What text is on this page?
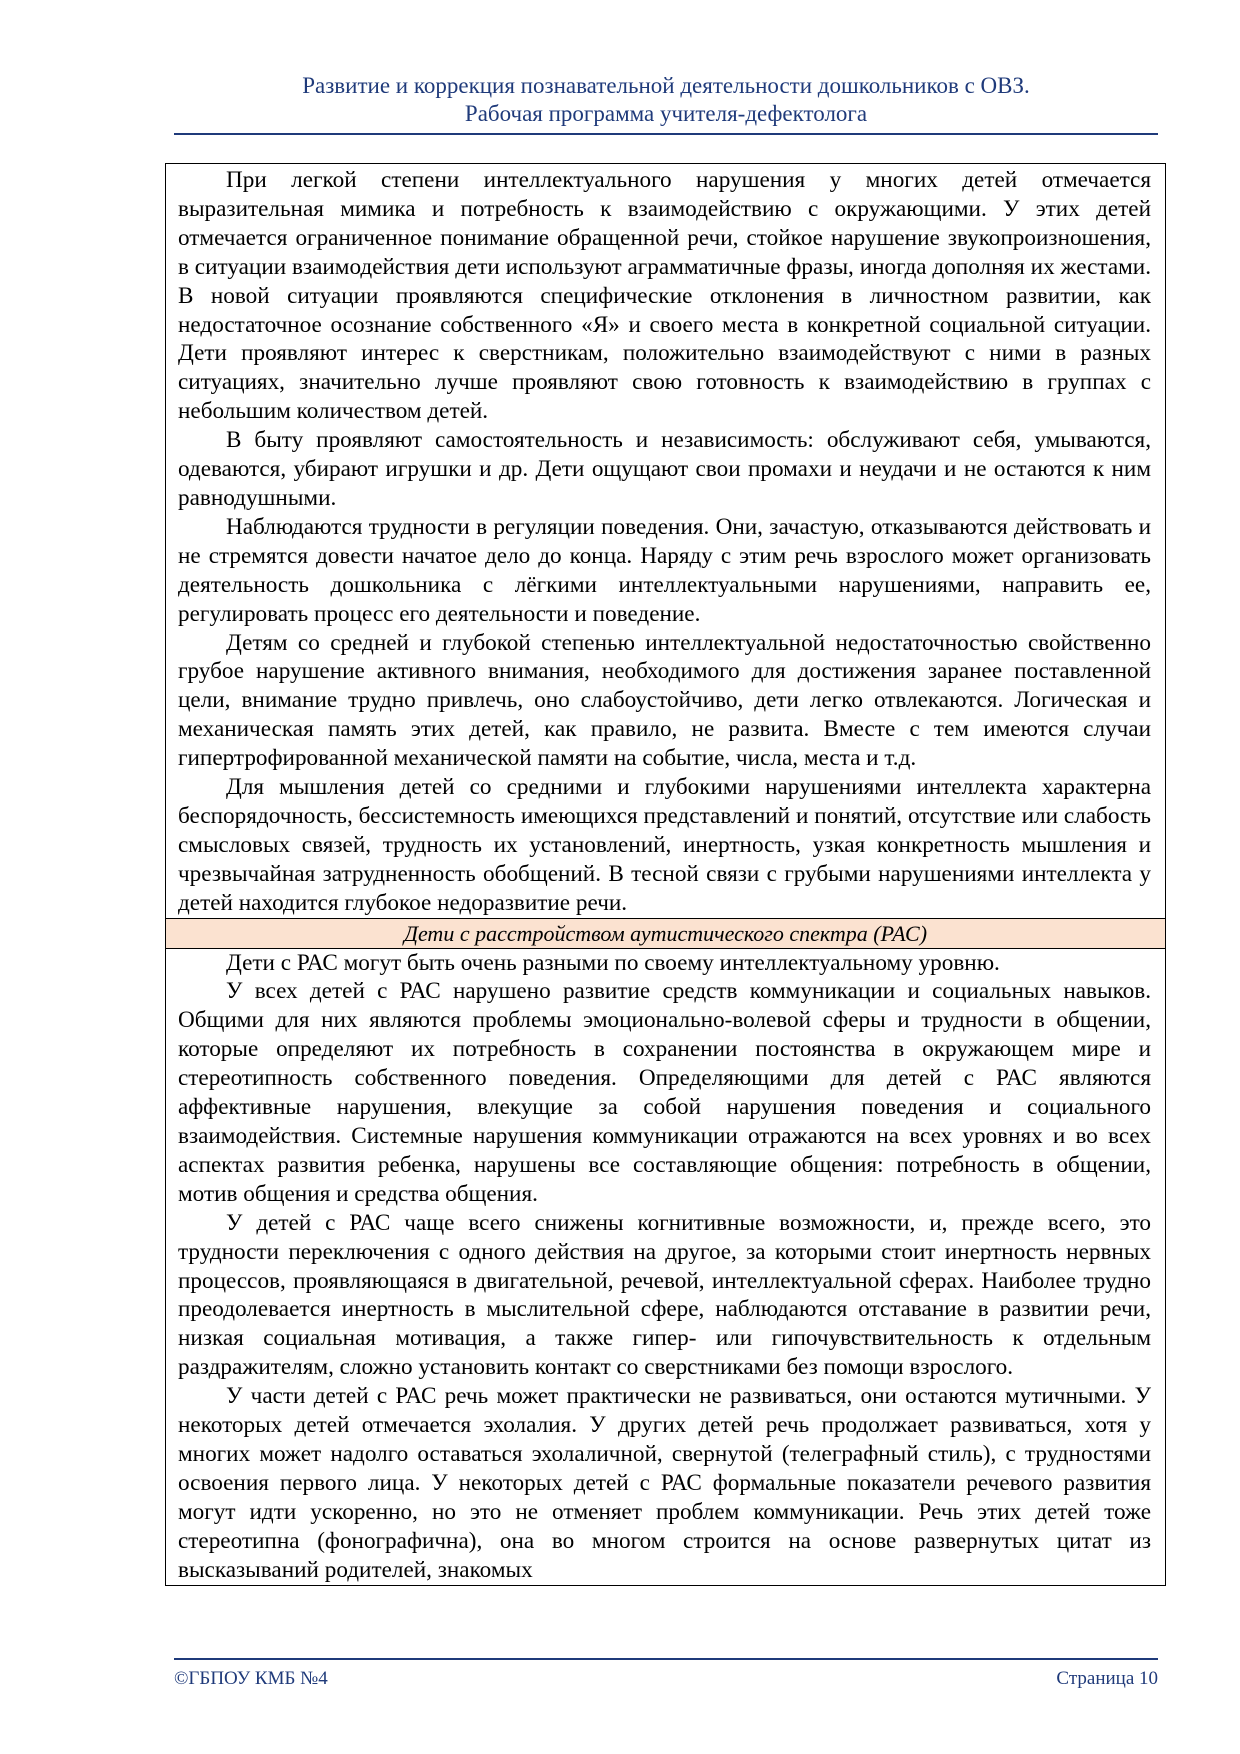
Развитие и коррекция познавательной деятельности дошкольников с ОВЗ.
Рабочая программа учителя-дефектолога

При легкой степени интеллектуального нарушения у многих детей отмечается выразительная мимика и потребность к взаимодействию с окружающими. У этих детей отмечается ограниченное понимание обращенной речи, стойкое нарушение звукопроизношения, в ситуации взаимодействия дети используют аграмматичные фразы, иногда дополняя их жестами. В новой ситуации проявляются специфические отклонения в личностном развитии, как недостаточное осознание собственного «Я» и своего места в конкретной социальной ситуации. Дети проявляют интерес к сверстникам, положительно взаимодействуют с ними в разных ситуациях, значительно лучше проявляют свою готовность к взаимодействию в группах с небольшим количеством детей.

В быту проявляют самостоятельность и независимость: обслуживают себя, умываются, одеваются, убирают игрушки и др. Дети ощущают свои промахи и неудачи и не остаются к ним равнодушными.

Наблюдаются трудности в регуляции поведения. Они, зачастую, отказываются действовать и не стремятся довести начатое дело до конца. Наряду с этим речь взрослого может организовать деятельность дошкольника с лёгкими интеллектуальными нарушениями, направить ее, регулировать процесс его деятельности и поведение.

Детям со средней и глубокой степенью интеллектуальной недостаточностью свойственно грубое нарушение активного внимания, необходимого для достижения заранее поставленной цели, внимание трудно привлечь, оно слабоустойчиво, дети легко отвлекаются. Логическая и механическая память этих детей, как правило, не развита. Вместе с тем имеются случаи гипертрофированной механической памяти на событие, числа, места и т.д.

Для мышления детей со средними и глубокими нарушениями интеллекта характерна беспорядочность, бессистемность имеющихся представлений и понятий, отсутствие или слабость смысловых связей, трудность их установлений, инертность, узкая конкретность мышления и чрезвычайная затрудненность обобщений. В тесной связи с грубыми нарушениями интеллекта у детей находится глубокое недоразвитие речи.

Дети с расстройством аутистического спектра (РАС)

Дети с РАС могут быть очень разными по своему интеллектуальному уровню.

У всех детей с РАС нарушено развитие средств коммуникации и социальных навыков. Общими для них являются проблемы эмоционально-волевой сферы и трудности в общении, которые определяют их потребность в сохранении постоянства в окружающем мире и стереотипность собственного поведения. Определяющими для детей с РАС являются аффективные нарушения, влекущие за собой нарушения поведения и социального взаимодействия. Системные нарушения коммуникации отражаются на всех уровнях и во всех аспектах развития ребенка, нарушены все составляющие общения: потребность в общении, мотив общения и средства общения.

У детей с РАС чаще всего снижены когнитивные возможности, и, прежде всего, это трудности переключения с одного действия на другое, за которыми стоит инертность нервных процессов, проявляющаяся в двигательной, речевой, интеллектуальной сферах. Наиболее трудно преодолевается инертность в мыслительной сфере, наблюдаются отставание в развитии речи, низкая социальная мотивация, а также гипер- или гипочувствительность к отдельным раздражителям, сложно установить контакт со сверстниками без помощи взрослого.

У части детей с РАС речь может практически не развиваться, они остаются мутичными. У некоторых детей отмечается эхолалия. У других детей речь продолжает развиваться, хотя у многих может надолго оставаться эхолаличной, свернутой (телеграфный стиль), с трудностями освоения первого лица. У некоторых детей с РАС формальные показатели речевого развития могут идти ускоренно, но это не отменяет проблем коммуникации. Речь этих детей тоже стереотипна (фонографична), она во многом строится на основе развернутых цитат из высказываний родителей, знакомых

©ГБПОУ КМБ №4	Страница 10
